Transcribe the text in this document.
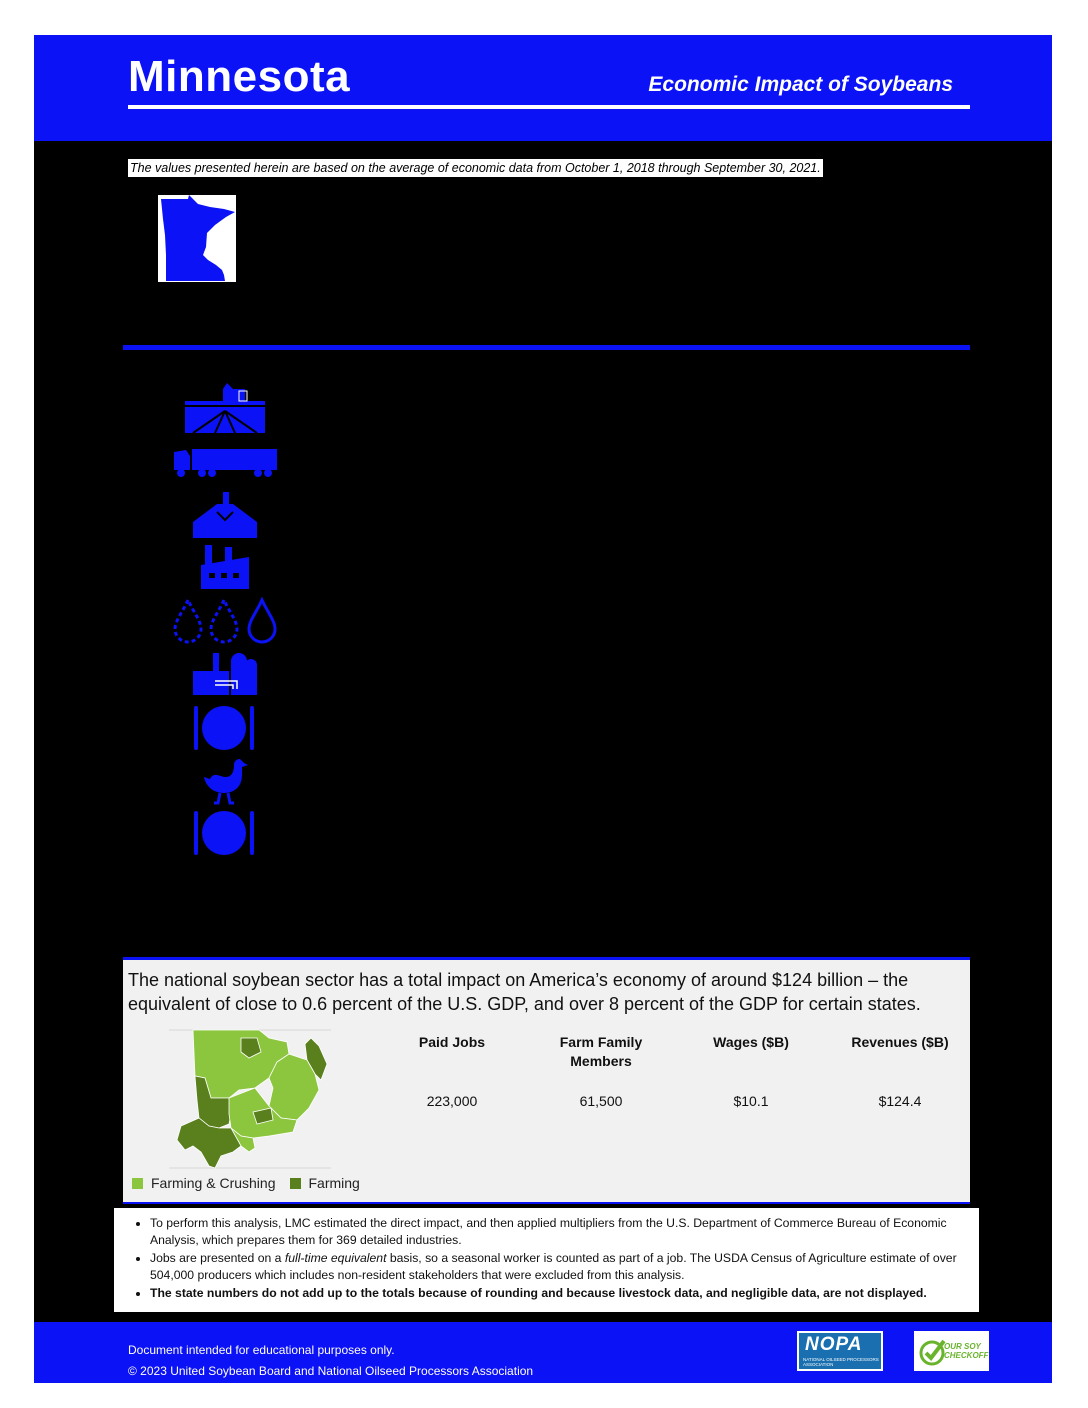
Minnesota	Economic Impact of Soybeans
The values presented herein are based on the average of economic data from October 1, 2018 through September 30, 2021.
The national soybean sector has a total impact on America’s economy of around $124 billion – the equivalent of close to 0.6 percent of the U.S. GDP, and over 8 percent of the GDP for certain states.
Farming & Crushing Farming
Paid Jobs
223,000
Farm Family Members
61,500
Wages ($B)
$10.1
Revenues ($B)
$124.4
• To perform this analysis, LMC estimated the direct impact, and then applied multipliers from the U.S. Department of Commerce Bureau of Economic Analysis, which prepares them for 369 detailed industries.
• Jobs are presented on a full-time equivalent basis, so a seasonal worker is counted as part of a job. The USDA Census of Agriculture estimate of over 504,000 producers which includes non-resident stakeholders that were excluded from this analysis.
• The state numbers do not add up to the totals because of rounding and because livestock data, and negligible data, are not displayed.
Document intended for educational purposes only.
© 2023 United Soybean Board and National Oilseed Processors Association
NOPA
NATIONAL OILSEED PROCESSORS ASSOCIATION
OUR SOY CHECKOFF
